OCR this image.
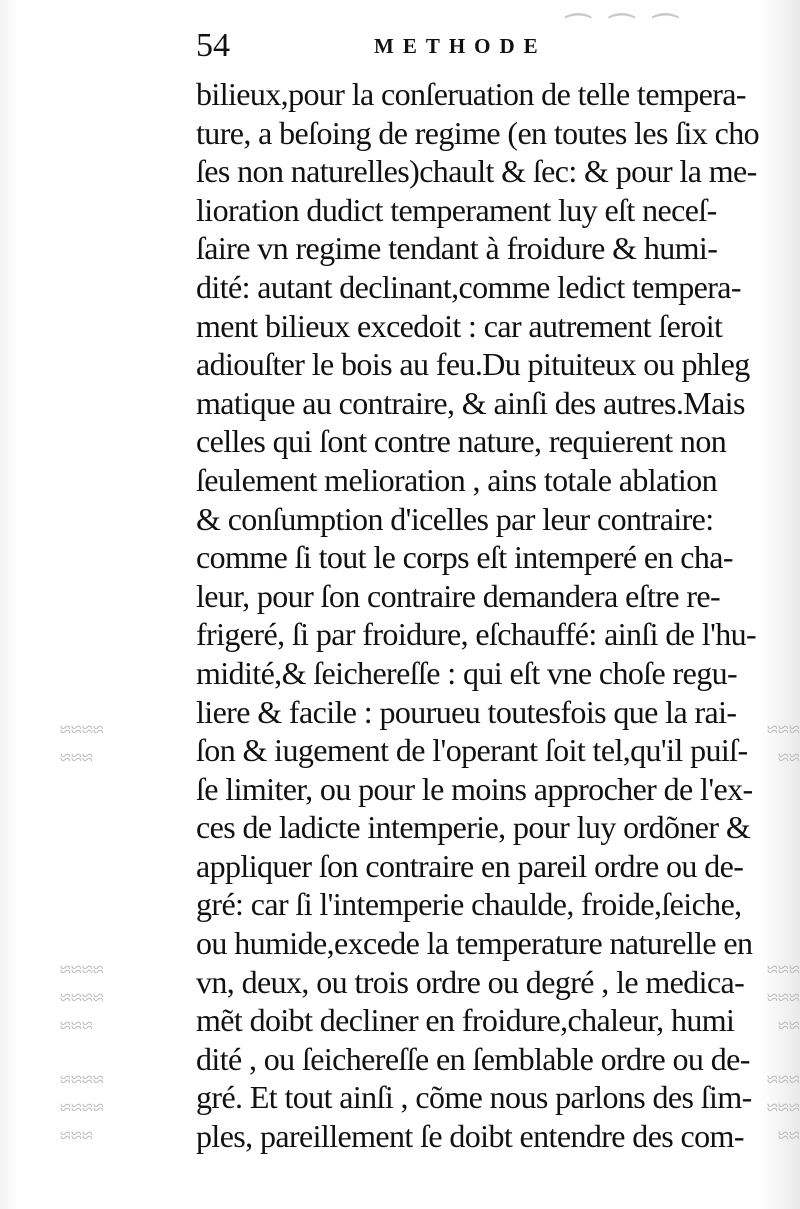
⁀ ⁀ ⁀
≈≈≈≈
≈≈≈
≈≈≈≈
≈≈≈≈
≈≈≈
≈≈≈≈
≈≈≈≈
≈≈≈
≈≈≈
≈≈
≈≈≈
≈≈≈
≈≈
≈≈≈
≈≈≈
≈≈
54	METHODE
bilieux,pour la conſeruation de telle tempera-
ture, a beſoing de regime (en toutes les ſix cho
ſes non naturelles)chault & ſec: & pour la me-
lioration dudict temperament luy eſt neceſ-
ſaire vn regime tendant à froidure & humi-
dité: autant declinant,comme ledict tempera-
ment bilieux excedoit : car autrement ſeroit
adiouſter le bois au feu.Du pituiteux ou phleg
matique au contraire, & ainſi des autres.Mais
celles qui ſont contre nature, requierent non
ſeulement melioration , ains totale ablation
& conſumption d'icelles par leur contraire:
comme ſi tout le corps eſt intemperé en cha-
leur, pour ſon contraire demandera eſtre re-
frigeré, ſi par froidure, eſchauffé: ainſi de l'hu-
midité,& ſeichereſſe : qui eſt vne choſe regu-
liere & facile : pourueu toutesfois que la rai-
ſon & iugement de l'operant ſoit tel,qu'il puiſ-
ſe limiter, ou pour le moins approcher de l'ex-
ces de ladicte intemperie, pour luy ordõner &
appliquer ſon contraire en pareil ordre ou de-
gré: car ſi l'intemperie chaulde, froide,ſeiche,
ou humide,excede la temperature naturelle en
vn, deux, ou trois ordre ou degré , le medica-
mẽt doibt decliner en froidure,chaleur, humi
dité , ou ſeichereſſe en ſemblable ordre ou de-
gré. Et tout ainſi , cõme nous parlons des ſim-
ples, pareillement ſe doibt entendre des com-
